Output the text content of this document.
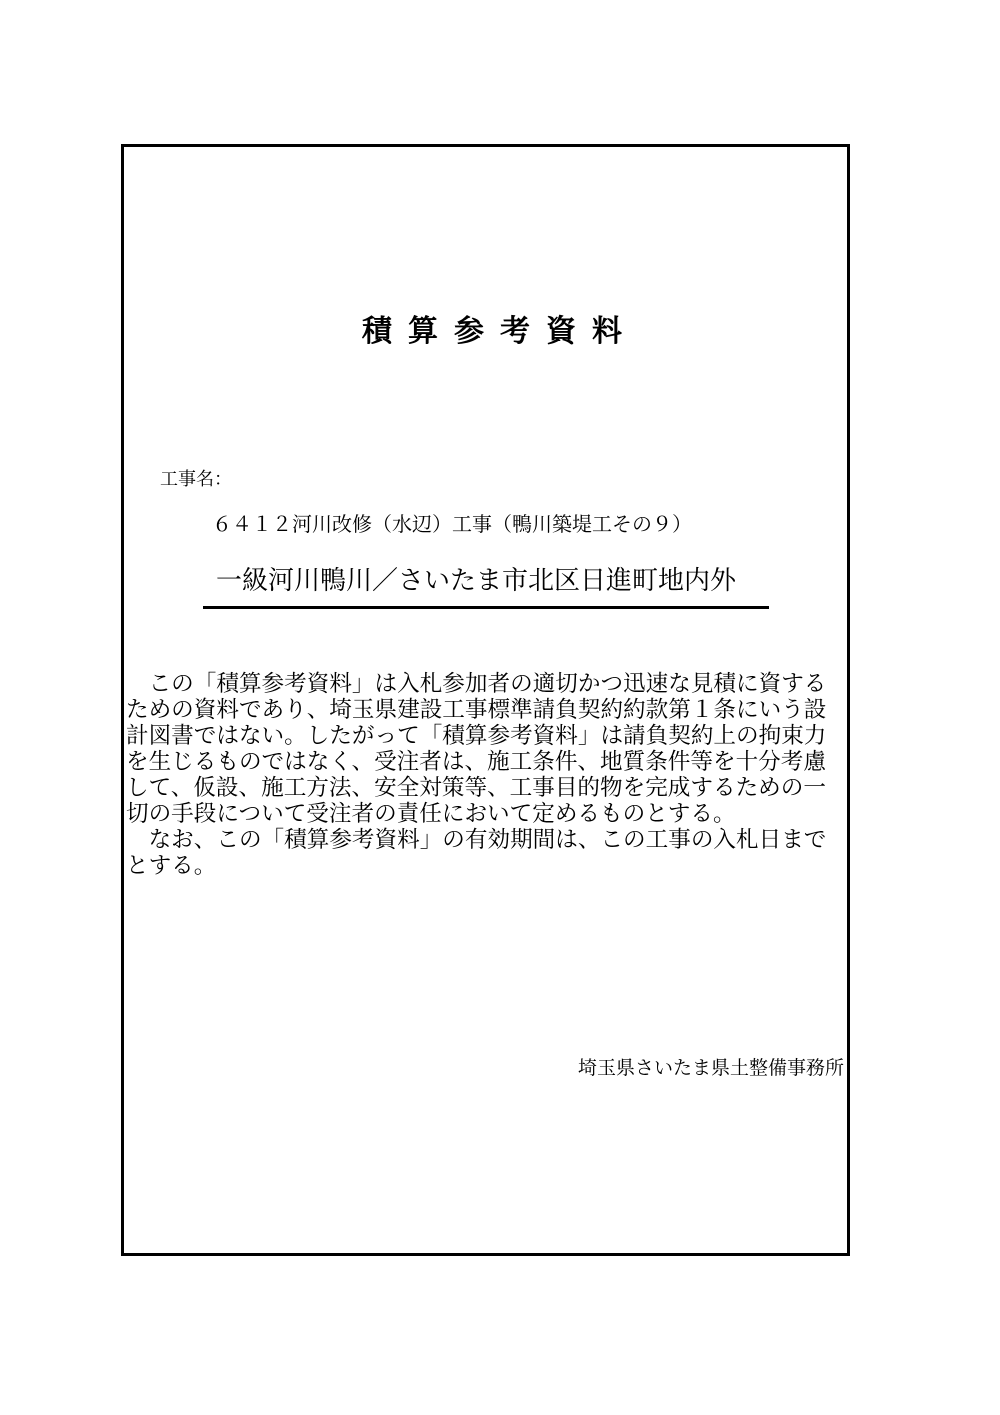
積算参考資料
工事名：
６４１２河川改修（水辺）工事（鴨川築堤工その９）
一級河川鴨川／さいたま市北区日進町地内外

この「積算参考資料」は入札参加者の適切かつ迅速な見積に資するための資料であり、埼玉県建設工事標準請負契約約款第１条にいう設計図書ではない。したがって「積算参考資料」は請負契約上の拘束力を生じるものではなく、受注者は、施工条件、地質条件等を十分考慮して、仮設、施工方法、安全対策等、工事目的物を完成するための一切の手段について受注者の責任において定めるものとする。

なお、この「積算参考資料」の有効期間は、この工事の入札日までとする。

埼玉県さいたま県土整備事務所
